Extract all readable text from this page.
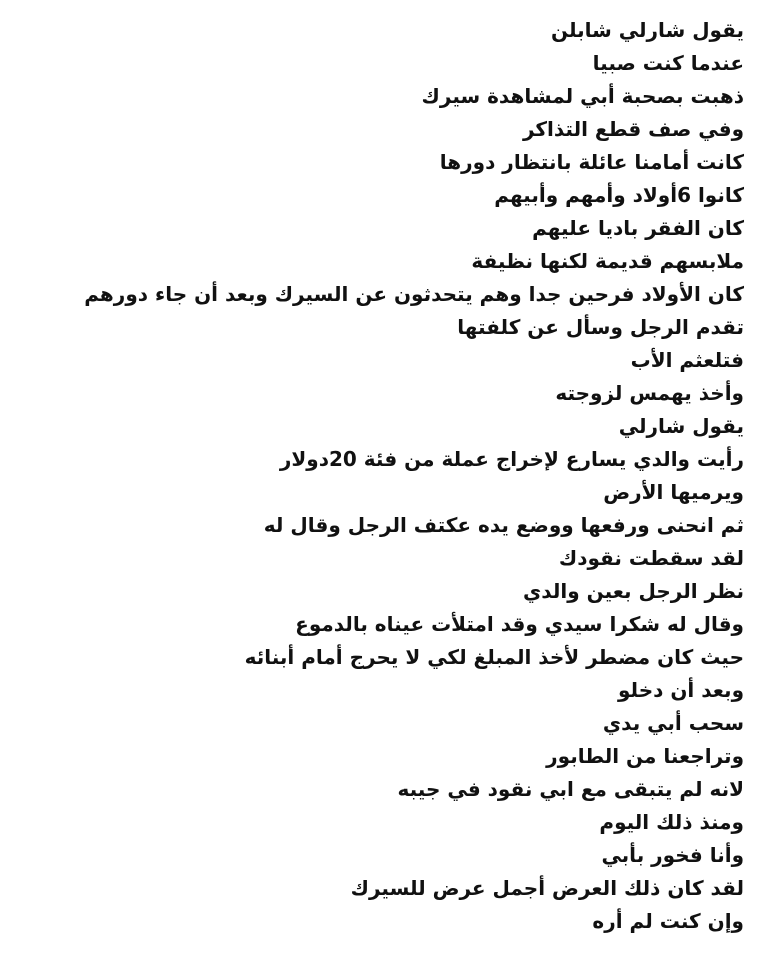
يقول شارلي شابلن
عندما كنت صبيا
ذهبت بصحبة أبي لمشاهدة سيرك
وفي صف قطع التذاكر
كانت أمامنا عائلة بانتظار دورها
كانوا 6أولاد وأمهم وأبيهم
كان الفقر باديا عليهم
ملابسهم قديمة لكنها نظيفة
كان الأولاد فرحين جدا وهم يتحدثون عن السيرك وبعد أن جاء دورهم
تقدم الرجل وسأل عن كلفتها
فتلعثم الأب
وأخذ يهمس لزوجته
يقول شارلي
رأيت والدي يسارع لإخراج عملة من فئة 20دولار
ويرميها الأرض
ثم انحنى ورفعها ووضع يده عكتف الرجل وقال له
لقد سقطت نقودك
نظر الرجل بعين والدي
وقال له شكرا سيدي وقد امتلأت عيناه بالدموع
حيث كان مضطر لأخذ المبلغ لكي لا يحرج أمام أبنائه
وبعد أن دخلو
سحب أبي يدي
وتراجعنا من الطابور
لانه لم يتبقى مع ابي نقود في جيبه
ومنذ ذلك اليوم
وأنا فخور بأبي
لقد كان ذلك العرض أجمل عرض للسيرك
وإن كنت لم أره
